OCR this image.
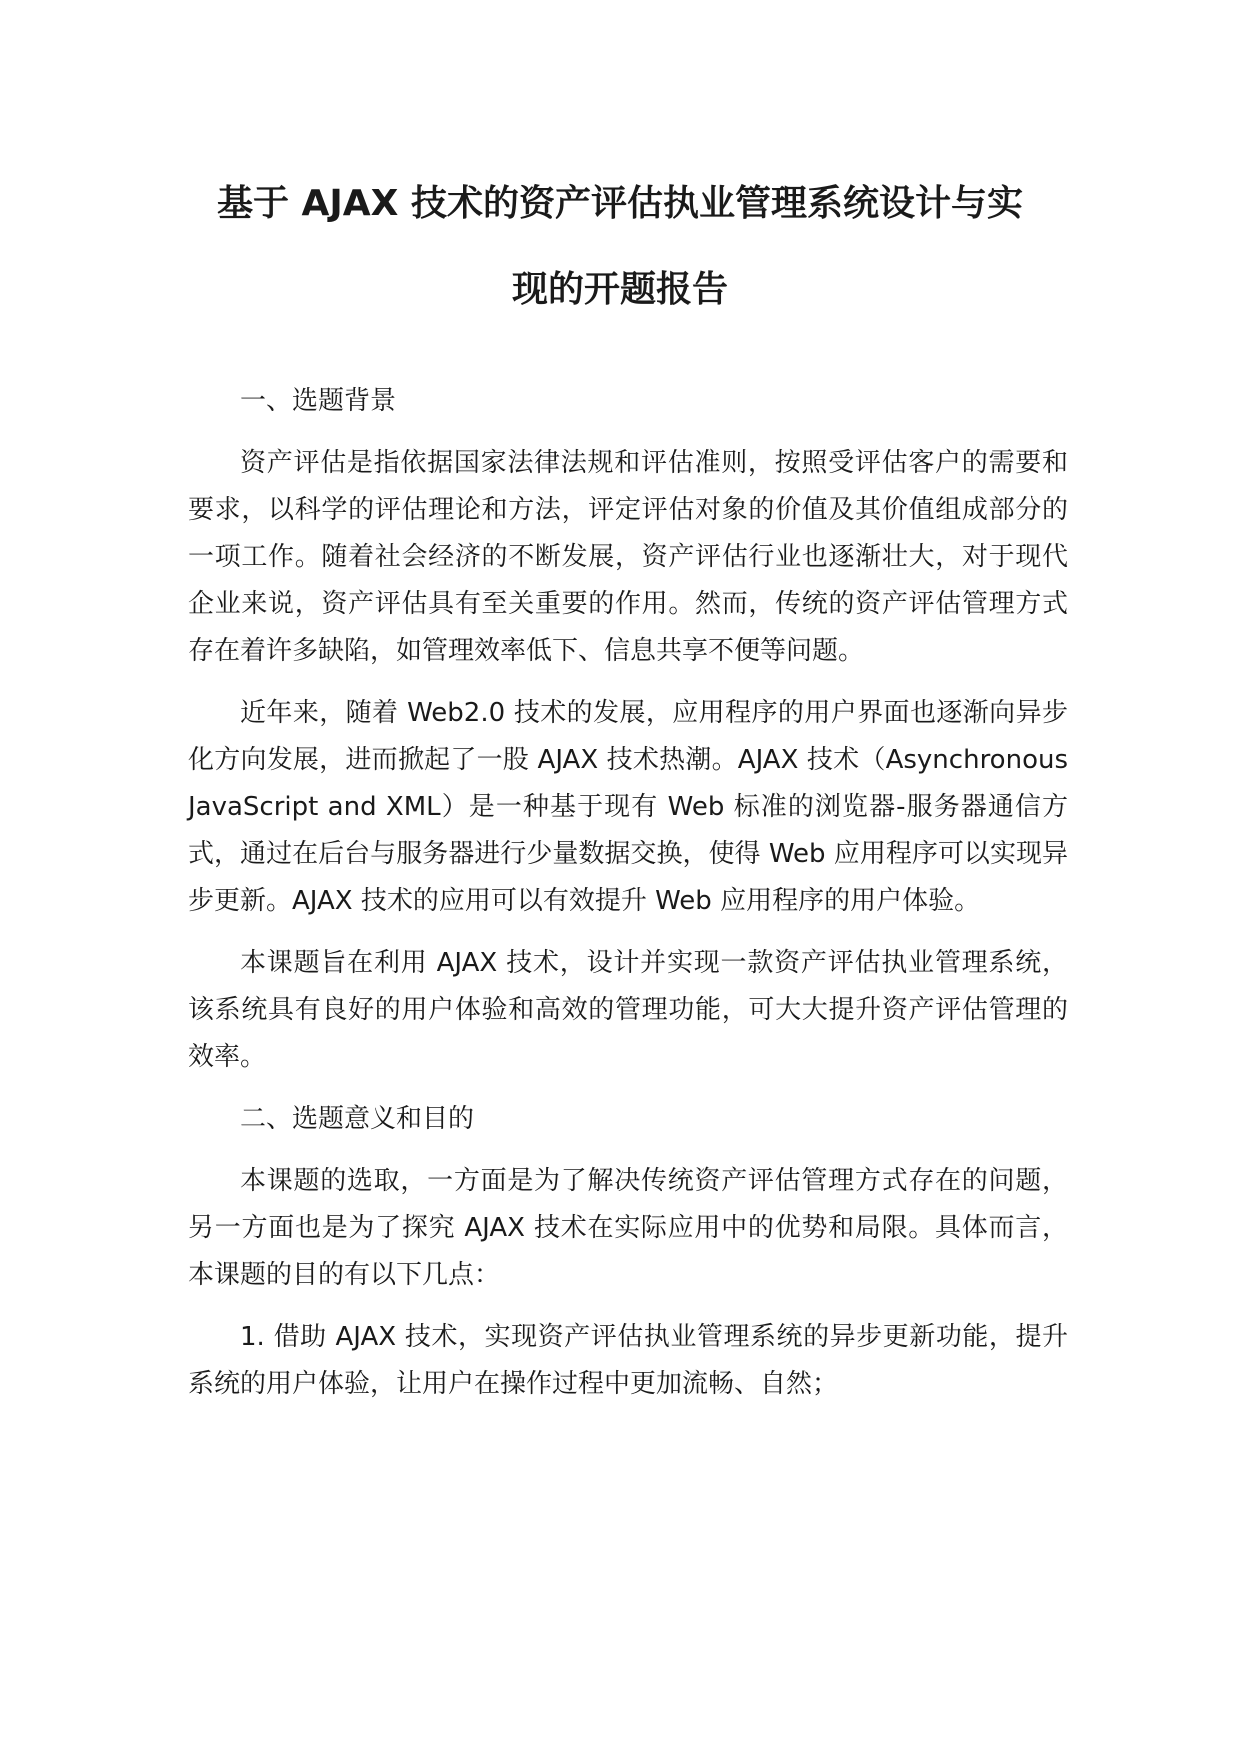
基于 AJAX 技术的资产评估执业管理系统设计与实
现的开题报告

一、选题背景

资产评估是指依据国家法律法规和评估准则，按照受评估客户的需要和要求，以科学的评估理论和方法，评定评估对象的价值及其价值组成部分的一项工作。随着社会经济的不断发展，资产评估行业也逐渐壮大，对于现代企业来说，资产评估具有至关重要的作用。然而，传统的资产评估管理方式存在着许多缺陷，如管理效率低下、信息共享不便等问题。

近年来，随着 Web2.0 技术的发展，应用程序的用户界面也逐渐向异步化方向发展，进而掀起了一股 AJAX 技术热潮。AJAX 技术（Asynchronous JavaScript and XML）是一种基于现有 Web 标准的浏览器-服务器通信方式，通过在后台与服务器进行少量数据交换，使得 Web 应用程序可以实现异步更新。AJAX 技术的应用可以有效提升 Web 应用程序的用户体验。

本课题旨在利用 AJAX 技术，设计并实现一款资产评估执业管理系统，该系统具有良好的用户体验和高效的管理功能，可大大提升资产评估管理的效率。

二、选题意义和目的

本课题的选取，一方面是为了解决传统资产评估管理方式存在的问题，另一方面也是为了探究 AJAX 技术在实际应用中的优势和局限。具体而言，本课题的目的有以下几点：

1. 借助 AJAX 技术，实现资产评估执业管理系统的异步更新功能，提升系统的用户体验，让用户在操作过程中更加流畅、自然；
